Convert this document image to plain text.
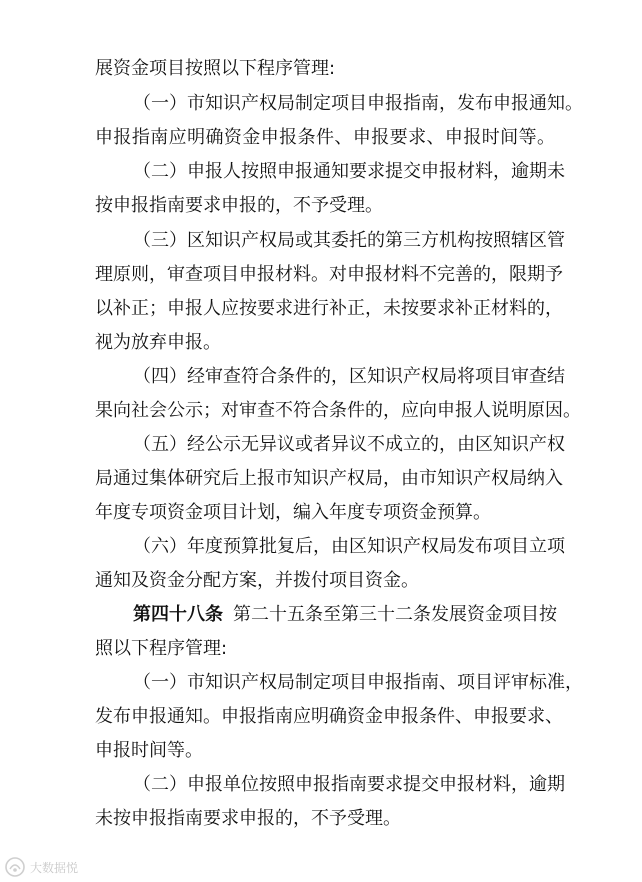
展资金项目按照以下程序管理:
（一）市知识产权局制定项目申报指南，发布申报通知。
申报指南应明确资金申报条件、申报要求、申报时间等。
（二）申报人按照申报通知要求提交申报材料，逾期未
按申报指南要求申报的，不予受理。
（三）区知识产权局或其委托的第三方机构按照辖区管
理原则，审查项目申报材料。对申报材料不完善的，限期予
以补正；申报人应按要求进行补正，未按要求补正材料的，
视为放弃申报。
（四）经审查符合条件的，区知识产权局将项目审查结
果向社会公示；对审查不符合条件的，应向申报人说明原因。
（五）经公示无异议或者异议不成立的，由区知识产权
局通过集体研究后上报市知识产权局，由市知识产权局纳入
年度专项资金项目计划，编入年度专项资金预算。
（六）年度预算批复后，由区知识产权局发布项目立项
通知及资金分配方案，并拨付项目资金。
第四十八条 第二十五条至第三十二条发展资金项目按
照以下程序管理:
（一）市知识产权局制定项目申报指南、项目评审标准，
发布申报通知。申报指南应明确资金申报条件、申报要求、
申报时间等。
（二）申报单位按照申报指南要求提交申报材料，逾期
未按申报指南要求申报的，不予受理。
大数据悦
